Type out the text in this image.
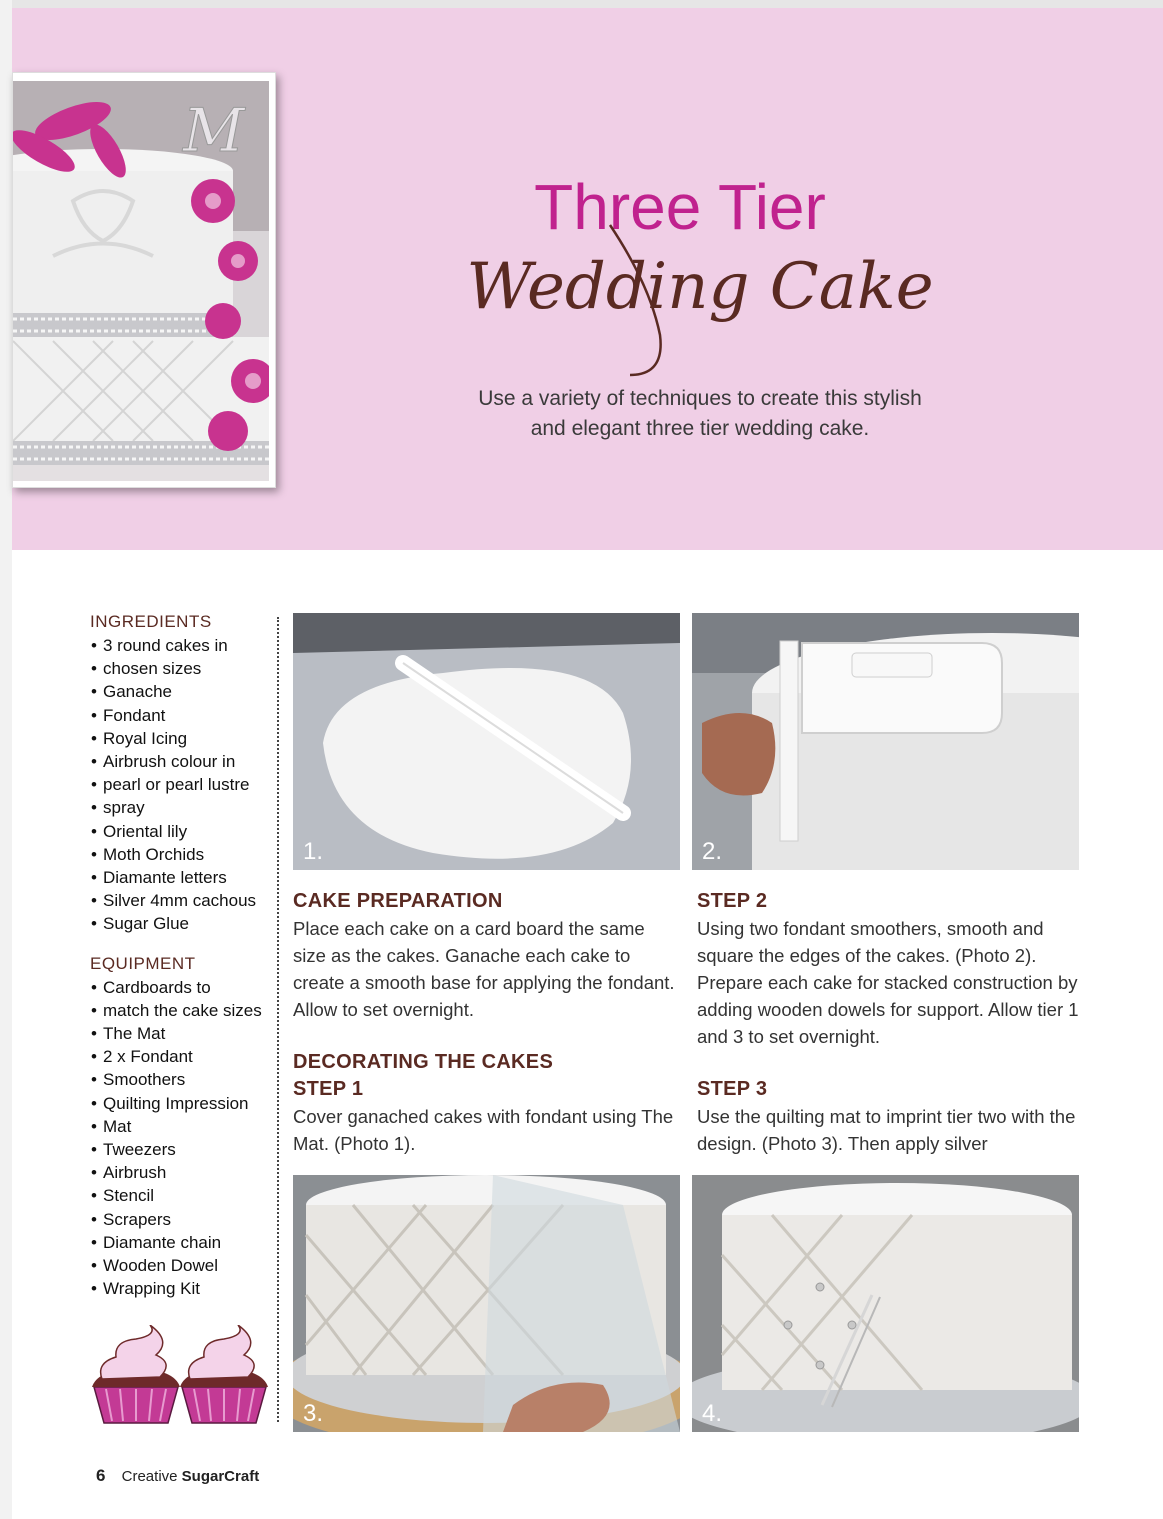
M
Three Tier
Wedding Cake
Use a variety of techniques to create this stylish
and elegant three tier wedding cake.
INGREDIENTS
• 3 round cakes in
• chosen sizes
• Ganache
• Fondant
• Royal Icing
• Airbrush colour in
• pearl or pearl lustre
• spray
• Oriental lily
• Moth Orchids
• Diamante letters
• Silver 4mm cachous
• Sugar Glue
EQUIPMENT
• Cardboards to
• match the cake sizes
• The Mat
• 2 x Fondant
• Smoothers
• Quilting Impression
• Mat
• Tweezers
• Airbrush
• Stencil
• Scrapers
• Diamante chain
• Wooden Dowel
• Wrapping Kit
1.	2.
3.	4.
CAKE PREPARATION

Place each cake on a card board the same size as the cakes. Ganache each cake to create a smooth base for applying the fondant. Allow to set overnight.

DECORATING THE CAKES
STEP 1

Cover ganached cakes with fondant using The Mat. (Photo 1).

STEP 2

Using two fondant smoothers, smooth and square the edges of the cakes. (Photo 2). Prepare each cake for stacked construction by adding wooden dowels for support. Allow tier 1 and 3 to set overnight.

STEP 3

Use the quilting mat to imprint tier two with the design. (Photo 3). Then apply silver

6 Creative SugarCraft
